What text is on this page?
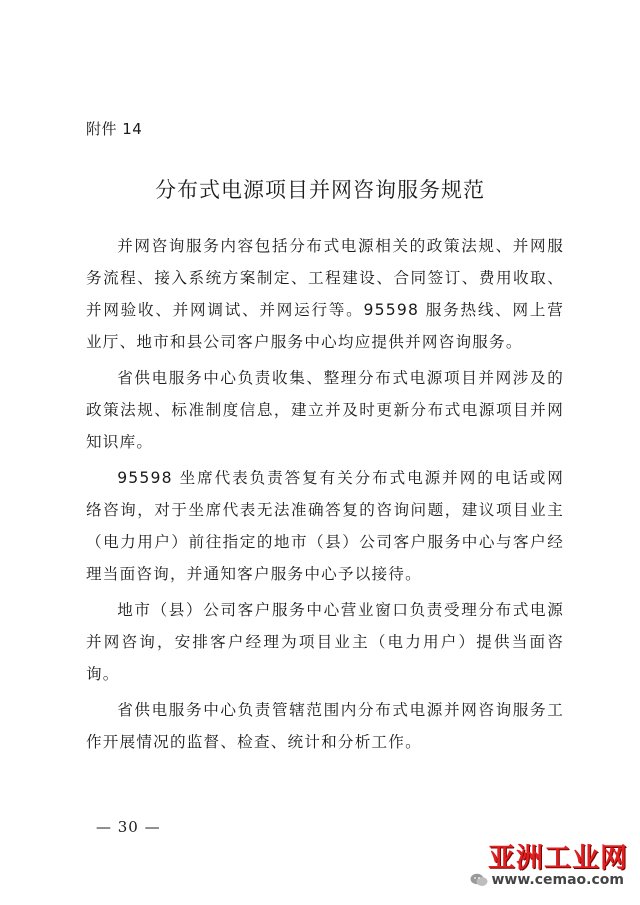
附件 14
分布式电源项目并网咨询服务规范

并网咨询服务内容包括分布式电源相关的政策法规、并网服务流程、接入系统方案制定、工程建设、合同签订、费用收取、并网验收、并网调试、并网运行等。95598 服务热线、网上营业厅、地市和县公司客户服务中心均应提供并网咨询服务。

省供电服务中心负责收集、整理分布式电源项目并网涉及的政策法规、标准制度信息，建立并及时更新分布式电源项目并网知识库。

95598 坐席代表负责答复有关分布式电源并网的电话或网络咨询，对于坐席代表无法准确答复的咨询问题，建议项目业主（电力用户）前往指定的地市（县）公司客户服务中心与客户经理当面咨询，并通知客户服务中心予以接待。

地市（县）公司客户服务中心营业窗口负责受理分布式电源并网咨询，安排客户经理为项目业主（电力用户）提供当面咨询。

省供电服务中心负责管辖范围内分布式电源并网咨询服务工作开展情况的监督、检查、统计和分析工作。

— 30 —
亚洲工业网
www.cemao.com
